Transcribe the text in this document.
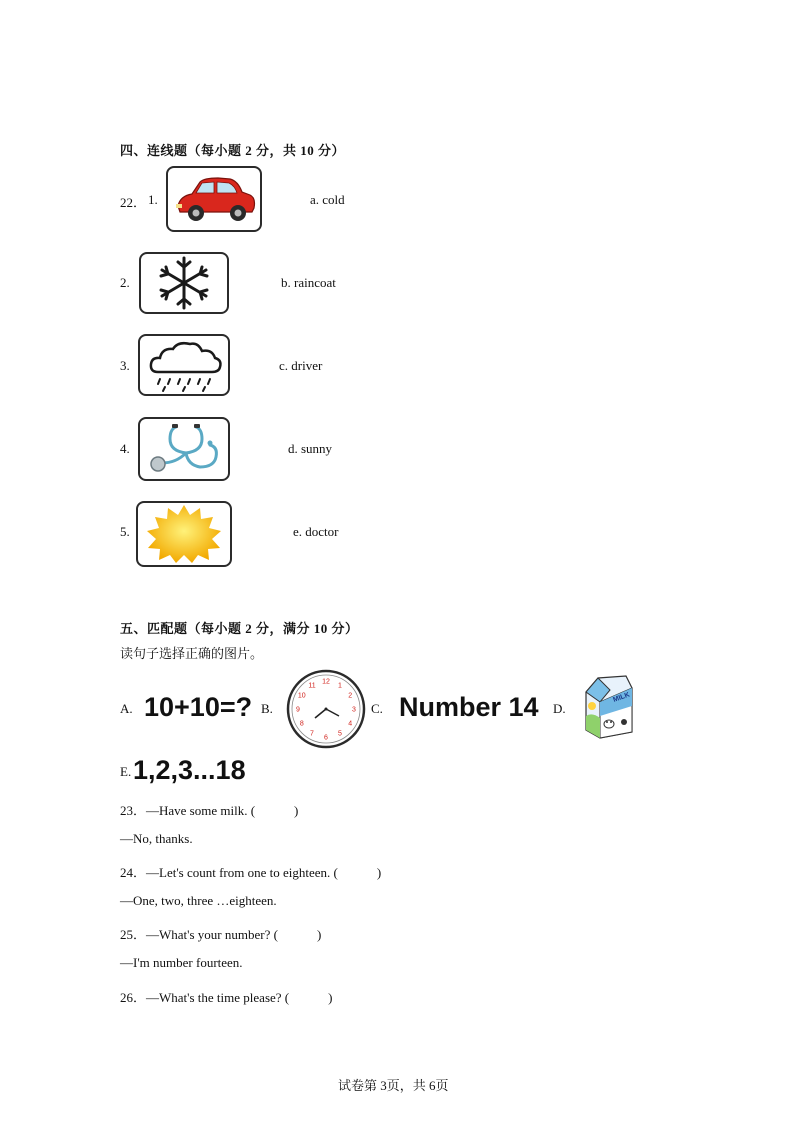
四、连线题（每小题 2 分，共 10 分）
22． 1.	a. cold
2.	b. raincoat
3.	c. driver
4.	d. sunny
5.	e. doctor
五、匹配题（每小题 2 分，满分 10 分）
读句子选择正确的图片。
A. 10+10=? B.
12
1
2
3
4
5
6
7
8
9
10
11
C. Number 14 D.
MILK
E. 1,2,3...18
23．—Have some milk. (　　　)
—No, thanks.
24．—Let's count from one to eighteen. (　　　)
—One, two, three …eighteen.
25．—What's your number? (　　　)
—I'm number fourteen.
26．—What's the time please? (　　　)
试卷第 3页，共 6页
